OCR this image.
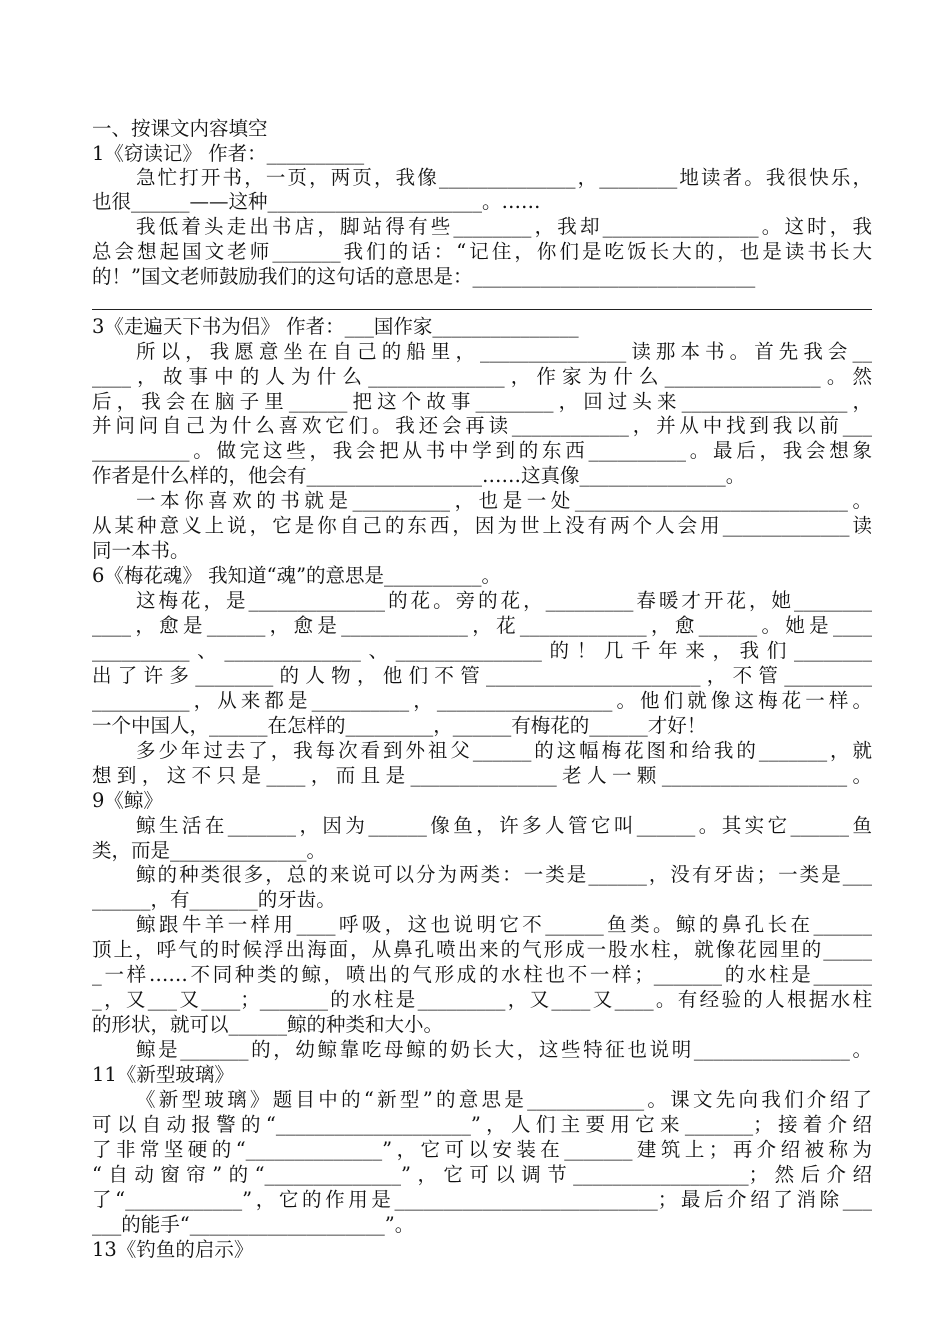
一、按课文内容填空
1《窃读记》 作者：__________
急忙打开书，一页，两页，我像______________，________地读者。我很快乐，
也很______——这种______________________。……
我低着头走出书店，脚站得有些________，我却________________。这时，我
总会想起国文老师_______我们的话：“记住，你们是吃饭长大的，也是读书长大
的！”国文老师鼓励我们的这句话的意思是：_____________________________
3《走遍天下书为侣》 作者：___国作家_______________
所以，我愿意坐在自己的船里，_______________读那本书。首先我会__
____，故事中的人为什么______________，作家为什么________________。然
后，我会在脑子里______把这个故事________，回过头来_________________，
并问问自己为什么喜欢它们。我还会再读____________，并从中找到我以前___
__________。做完这些，我会把从书中学到的东西__________。最后，我会想象
作者是什么样的，他会有__________________……这真像_______________。
一本你喜欢的书就是__________，也是一处____________________________。
从某种意义上说，它是你自己的东西，因为世上没有两个人会用_____________读
同一本书。
6《梅花魂》 我知道“魂”的意思是__________。
这梅花，是______________的花。旁的花，_________春暖才开花，她________
____，愈是______，愈是_____________，花_____________，愈______。她是____
__________、______________、_______________的！几千年来，我们________
出了许多________的人物，他们不管______________________，不管_________
__________，从来都是__________，__________________。他们就像这梅花一样。
一个中国人，______在怎样的_________，______有梅花的______才好！
多少年过去了，我每次看到外祖父______的这幅梅花图和给我的_______，就
想到，这不只是____，而且是_______________老人一颗___________________。
9《鲸》
鲸生活在_______，因为______像鱼，许多人管它叫______。其实它______鱼
类，而是______________。
鲸的种类很多，总的来说可以分为两类：一类是______，没有牙齿；一类是___
______，有_______的牙齿。
鲸跟牛羊一样用____呼吸，这也说明它不______鱼类。鲸的鼻孔长在______
顶上，呼气的时候浮出海面，从鼻孔喷出来的气形成一股水柱，就像花园里的_____
_一样……不同种类的鲸，喷出的气形成的水柱也不一样；_______的水柱是______
_，又___又____；_______的水柱是_________，又____又____。有经验的人根据水柱
的形状，就可以______鲸的种类和大小。
鲸是_______的，幼鲸靠吃母鲸的奶长大，这些特征也说明________________。
11《新型玻璃》
《新型玻璃》题目中的“新型”的意思是____________。课文先向我们介绍了
可以自动报警的“____________________”，人们主要用它来_______；接着介绍
了非常坚硬的“______________”，它可以安装在_______建筑上；再介绍被称为
“自动窗帘”的“______________”，它可以调节__________________；然后介绍
了“____________”，它的作用是___________________________；最后介绍了消除___
___的能手“____________________”。
13《钓鱼的启示》
